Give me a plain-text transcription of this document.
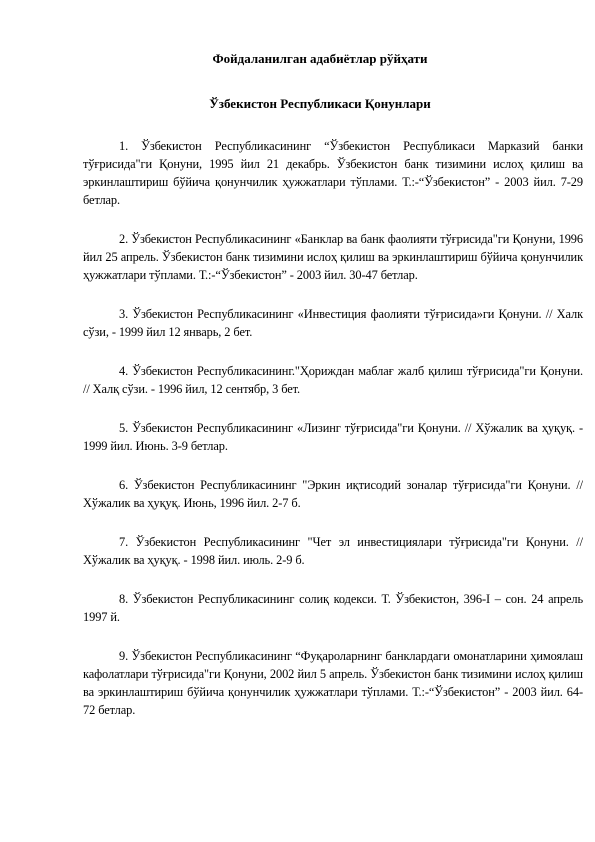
Фойдаланилган адабиётлар рўйҳати
Ўзбекистон Республикаси Қонунлари

1. Ўзбекистон Республикасининг “Ўзбекистон Республикаси Марказий банки тўғрисида"ги Қонуни, 1995 йил 21 декабрь. Ўзбекистон банк тизимини ислоҳ қилиш ва эркинлаштириш бўйича қонунчилик ҳужжатлари тўплами. Т.:-“Ўзбекистон” - 2003 йил. 7-29 бетлар.

2. Ўзбекистон Республикасининг «Банклар ва банк фаолияти тўғрисида"ги Қонуни, 1996 йил 25 апрель. Ўзбекистон банк тизимини ислоҳ қилиш ва эркинлаштириш бўйича қонунчилик ҳужжатлари тўплами. Т.:-“Ўзбекистон” - 2003 йил. 30-47 бетлар.

3. Ўзбекистон Республикасининг «Инвестиция фаолияти тўғрисида»ги Қонуни. // Халк сўзи, - 1999 йил 12 январь, 2 бет.

4. Ўзбекистон Республикасининг."Ҳориждан маблағ жалб қилиш тўғрисида"ги Қонуни. // Халқ сўзи. - 1996 йил, 12 сентябр, 3 бет.

5. Ўзбекистон Республикасининг «Лизинг тўғрисида"ги Қонуни. // Хўжалик ва ҳуқуқ. - 1999 йил. Июнь. 3-9 бетлар.

6. Ўзбекистон Республикасининг "Эркин иқтисодий зоналар тўғрисида"ги Қонуни. // Хўжалик ва ҳуқуқ. Июнь, 1996 йил. 2-7 б.

7. Ўзбекистон Республикасининг "Чет эл инвестициялари тўғрисида"ги Қонуни. // Хўжалик ва ҳуқуқ. - 1998 йил. июль. 2-9 б.

8. Ўзбекистон Республикасининг солиқ кодекси. Т. Ўзбекистон, 396-I – сон. 24 апрель 1997 й.

9. Ўзбекистон Республикасининг “Фуқароларнинг банклардаги омонатларини ҳимоялаш кафолатлари тўғрисида"ги Қонуни, 2002 йил 5 апрель. Ўзбекистон банк тизимини ислоҳ қилиш ва эркинлаштириш бўйича қонунчилик ҳужжатлари тўплами. Т.:-“Ўзбекистон” - 2003 йил. 64-72 бетлар.
